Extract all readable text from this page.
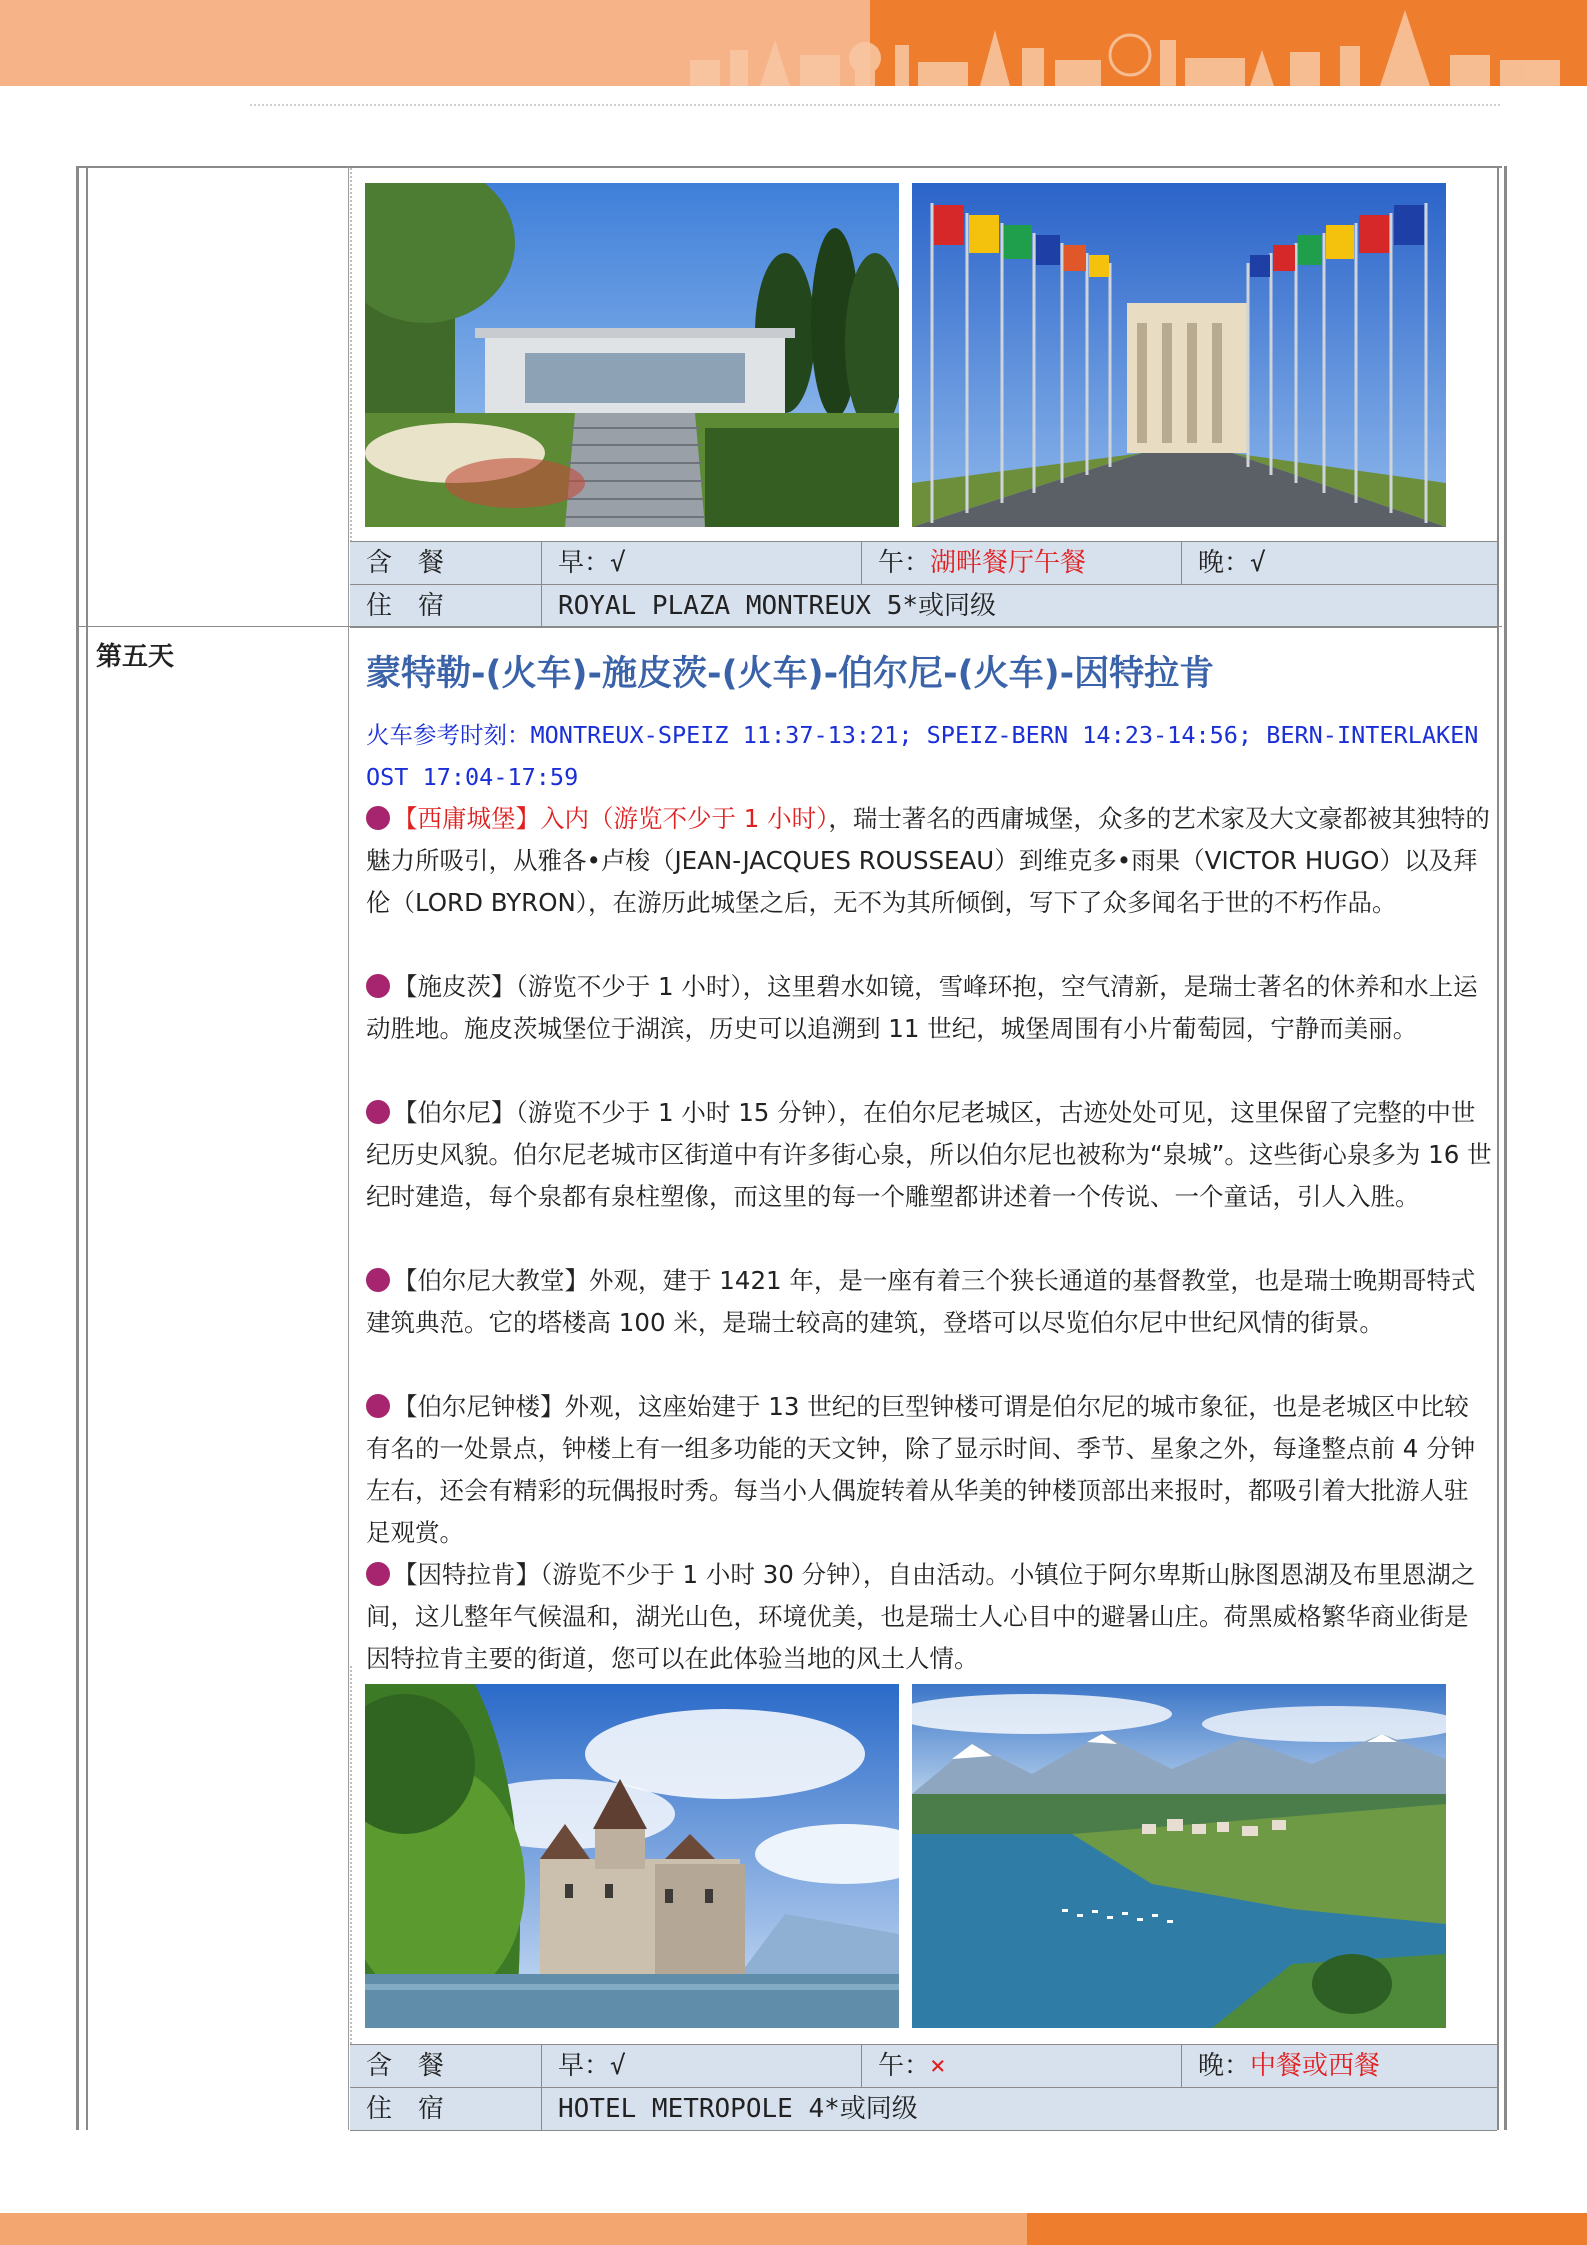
含　餐	早：√	午：湖畔餐厅午餐	晚：√
住　宿	ROYAL PLAZA MONTREUX 5*或同级
第五天	蒙特勒-(火车)-施皮茨-(火车)-伯尔尼-(火车)-因特拉肯
火车参考时刻：MONTREUX-SPEIZ 11:37-13:21; SPEIZ-BERN 14:23-14:56; BERN-INTERLAKEN OST 17:04-17:59
【西庸城堡】入内（游览不少于 1 小时），瑞士著名的西庸城堡，众多的艺术家及大文豪都被其独特的魅力所吸引，从雅各•卢梭（JEAN-JACQUES ROUSSEAU）到维克多•雨果（VICTOR HUGO）以及拜伦（LORD BYRON），在游历此城堡之后，无不为其所倾倒，写下了众多闻名于世的不朽作品。
【施皮茨】（游览不少于 1 小时），这里碧水如镜，雪峰环抱，空气清新，是瑞士著名的休养和水上运动胜地。施皮茨城堡位于湖滨，历史可以追溯到 11 世纪，城堡周围有小片葡萄园，宁静而美丽。
【伯尔尼】（游览不少于 1 小时 15 分钟），在伯尔尼老城区，古迹处处可见，这里保留了完整的中世纪历史风貌。伯尔尼老城市区街道中有许多街心泉，所以伯尔尼也被称为“泉城”。这些街心泉多为 16 世纪时建造，每个泉都有泉柱塑像，而这里的每一个雕塑都讲述着一个传说、一个童话，引人入胜。
【伯尔尼大教堂】外观，建于 1421 年，是一座有着三个狭长通道的基督教堂，也是瑞士晚期哥特式建筑典范。它的塔楼高 100 米，是瑞士较高的建筑，登塔可以尽览伯尔尼中世纪风情的街景。
【伯尔尼钟楼】外观，这座始建于 13 世纪的巨型钟楼可谓是伯尔尼的城市象征，也是老城区中比较有名的一处景点，钟楼上有一组多功能的天文钟，除了显示时间、季节、星象之外，每逢整点前 4 分钟左右，还会有精彩的玩偶报时秀。每当小人偶旋转着从华美的钟楼顶部出来报时，都吸引着大批游人驻足观赏。
【因特拉肯】（游览不少于 1 小时 30 分钟），自由活动。小镇位于阿尔卑斯山脉图恩湖及布里恩湖之间，这儿整年气候温和，湖光山色，环境优美，也是瑞士人心目中的避暑山庄。荷黑威格繁华商业街是因特拉肯主要的街道，您可以在此体验当地的风土人情。
含　餐	早：√	午：×	晚：中餐或西餐
住　宿	HOTEL METROPOLE 4*或同级
